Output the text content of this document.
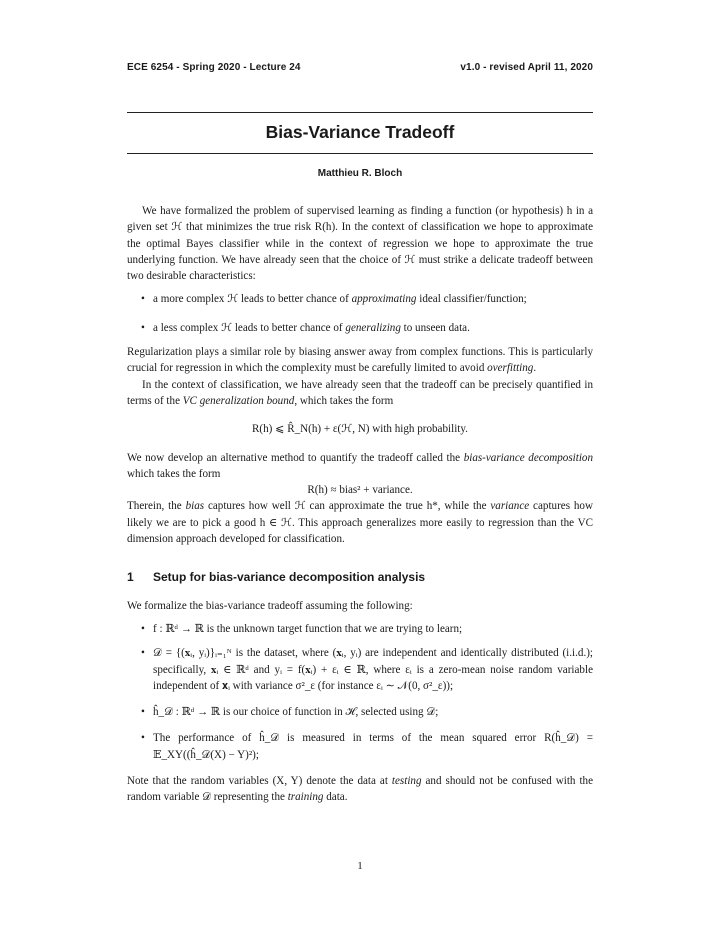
ECE 6254 - Spring 2020 - Lecture 24	v1.0 - revised April 11, 2020
Bias-Variance Tradeoff
Matthieu R. Bloch

We have formalized the problem of supervised learning as finding a function (or hypothesis) h in a given set ℋ that minimizes the true risk R(h). In the context of classification we hope to approximate the optimal Bayes classifier while in the context of regression we hope to approximate the true underlying function. We have already seen that the choice of ℋ must strike a delicate tradeoff between two desirable characteristics:

• a more complex ℋ leads to better chance of approximating ideal classifier/function;

• a less complex ℋ leads to better chance of generalizing to unseen data.

Regularization plays a similar role by biasing answer away from complex functions. This is particularly crucial for regression in which the complexity must be carefully limited to avoid overfitting.

In the context of classification, we have already seen that the tradeoff can be precisely quantified in terms of the VC generalization bound, which takes the form

R(h) ⩽ R̂_N(h) + ε(ℋ, N) with high probability.

We now develop an alternative method to quantify the tradeoff called the bias-variance decomposition which takes the form

R(h) ≈ bias² + variance.

Therein, the bias captures how well ℋ can approximate the true h*, while the variance captures how likely we are to pick a good h ∈ ℋ. This approach generalizes more easily to regression than the VC dimension approach developed for classification.

1 Setup for bias-variance decomposition analysis

We formalize the bias-variance tradeoff assuming the following:

• f : ℝᵈ → ℝ is the unknown target function that we are trying to learn;

• 𝒟 = {(𝐱ᵢ, yᵢ)}ᵢ₌₁ᴺ is the dataset, where (𝐱ᵢ, yᵢ) are independent and identically distributed (i.i.d.); specifically, 𝐱ᵢ ∈ ℝᵈ and yᵢ = f(𝐱ᵢ) + εᵢ ∈ ℝ, where εᵢ is a zero-mean noise random variable independent of 𝐱ᵢ with variance σ²_ε (for instance εᵢ ∼ 𝒩(0, σ²_ε));

• ĥ_𝒟 : ℝᵈ → ℝ is our choice of function in ℋ, selected using 𝒟;

• The performance of ĥ_𝒟 is measured in terms of the mean squared error R(ĥ_𝒟) = 𝔼_XY((ĥ_𝒟(X) − Y)²);

Note that the random variables (X, Y) denote the data at testing and should not be confused with the random variable 𝒟 representing the training data.

1
